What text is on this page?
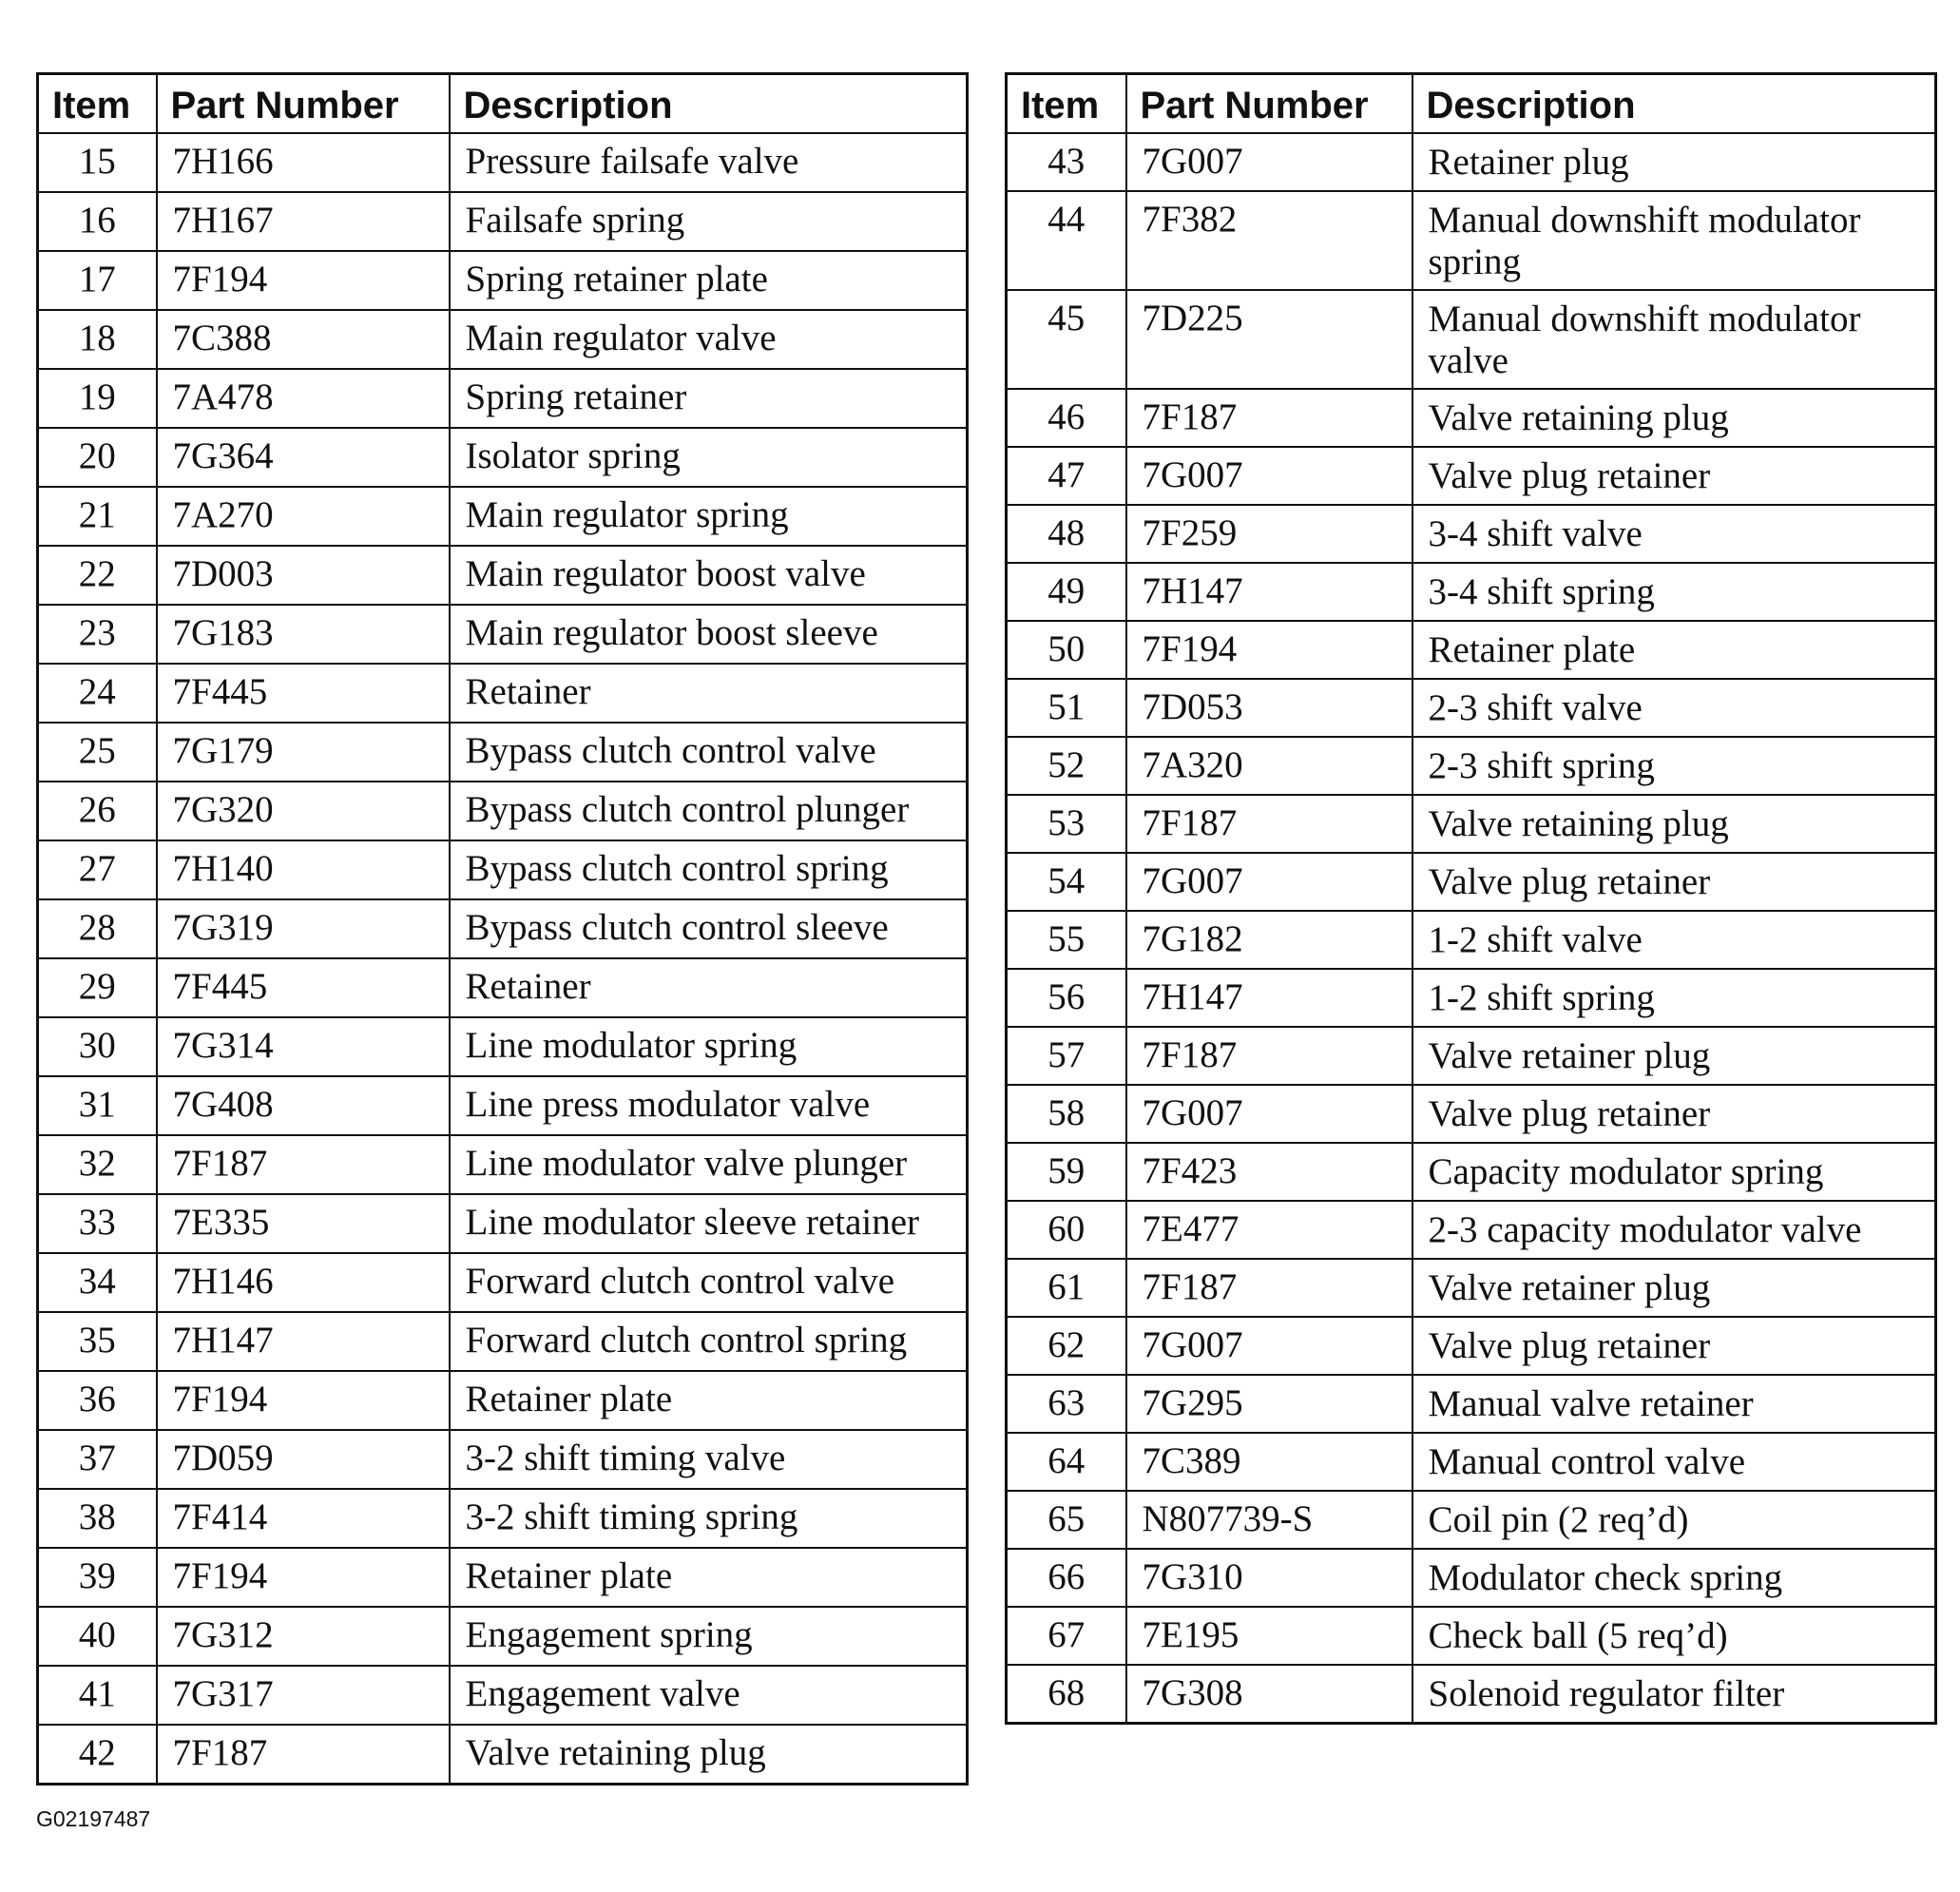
Item	Part Number	Description
15	7H166	Pressure failsafe valve
16	7H167	Failsafe spring
17	7F194	Spring retainer plate
18	7C388	Main regulator valve
19	7A478	Spring retainer
20	7G364	Isolator spring
21	7A270	Main regulator spring
22	7D003	Main regulator boost valve
23	7G183	Main regulator boost sleeve
24	7F445	Retainer
25	7G179	Bypass clutch control valve
26	7G320	Bypass clutch control plunger
27	7H140	Bypass clutch control spring
28	7G319	Bypass clutch control sleeve
29	7F445	Retainer
30	7G314	Line modulator spring
31	7G408	Line press modulator valve
32	7F187	Line modulator valve plunger
33	7E335	Line modulator sleeve retainer
34	7H146	Forward clutch control valve
35	7H147	Forward clutch control spring
36	7F194	Retainer plate
37	7D059	3-2 shift timing valve
38	7F414	3-2 shift timing spring
39	7F194	Retainer plate
40	7G312	Engagement spring
41	7G317	Engagement valve
42	7F187	Valve retaining plug
Item	Part Number	Description
43	7G007	Retainer plug
44	7F382	Manual downshift modulator spring
45	7D225	Manual downshift modulator valve
46	7F187	Valve retaining plug
47	7G007	Valve plug retainer
48	7F259	3-4 shift valve
49	7H147	3-4 shift spring
50	7F194	Retainer plate
51	7D053	2-3 shift valve
52	7A320	2-3 shift spring
53	7F187	Valve retaining plug
54	7G007	Valve plug retainer
55	7G182	1-2 shift valve
56	7H147	1-2 shift spring
57	7F187	Valve retainer plug
58	7G007	Valve plug retainer
59	7F423	Capacity modulator spring
60	7E477	2-3 capacity modulator valve
61	7F187	Valve retainer plug
62	7G007	Valve plug retainer
63	7G295	Manual valve retainer
64	7C389	Manual control valve
65	N807739-S	Coil pin (2 req’d)
66	7G310	Modulator check spring
67	7E195	Check ball (5 req’d)
68	7G308	Solenoid regulator filter
G02197487
